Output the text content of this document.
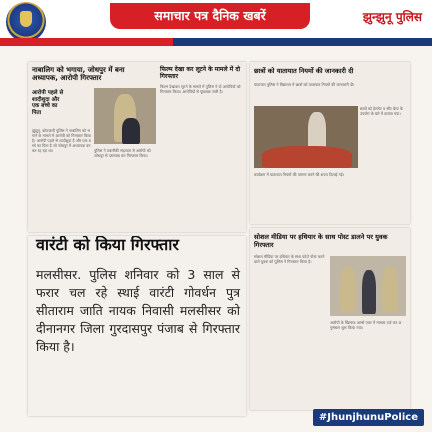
समाचार पत्र दैनिक खबरें	झुन्झुनू पुलिस
नाबालिग को भगाया, जोधपुर में बना अध्यापक, आरोपी गिरफ्तार
आरोपी पहले से शादीशुदा और एक बच्चे का पिता
झुंझुनू. कोतवाली पुलिस ने नाबालिग को भगाने के मामले में आरोपी को गिरफ्तार किया है। आरोपी पहले से शादीशुदा है और एक बच्चे का पिता है जो जोधपुर में अध्यापक बनकर रह रहा था।	पुलिस ने तकनीकी सहायता से आरोपी को जोधपुर से दस्तयाब कर गिरफ्तार किया।
फिल्म देखा कर लूटने के मामले में दो गिरफ्तार
फिल्म देखाकर लूटने के मामले में पुलिस ने दो आरोपियों को गिरफ्तार किया। आरोपियों से पूछताछ जारी है।
छात्रों को यातायात नियमों की जानकारी दी
यातायात पुलिस ने विद्यालय में छात्रों को यातायात नियमों की जानकारी दी।
छात्रों को हेलमेट व सीट बेल्ट के उपयोग के बारे में बताया गया।
कार्यक्रम में यातायात नियमों की पालना करने की शपथ दिलाई गई।
वारंटी को किया गिरफ्तार
मलसीसर. पुलिस शनिवार को 3 साल से फरार चल रहे स्थाई वारंटी गोवर्धन पुत्र सीताराम जाति नायक निवासी मलसीसर को दीनानगर जिला गुरदासपुर पंजाब से गिरफ्तार किया है।
सोशल मीडिया पर हथियार के साथ पोस्ट डालने पर युवक गिरफ्तार
सोशल मीडिया पर हथियार के साथ फोटो पोस्ट करने वाले युवक को पुलिस ने गिरफ्तार किया है।
आरोपी के खिलाफ आर्म्स एक्ट में मामला दर्ज कर अनुसंधान शुरू किया गया।
#JhunjhunuPolice
